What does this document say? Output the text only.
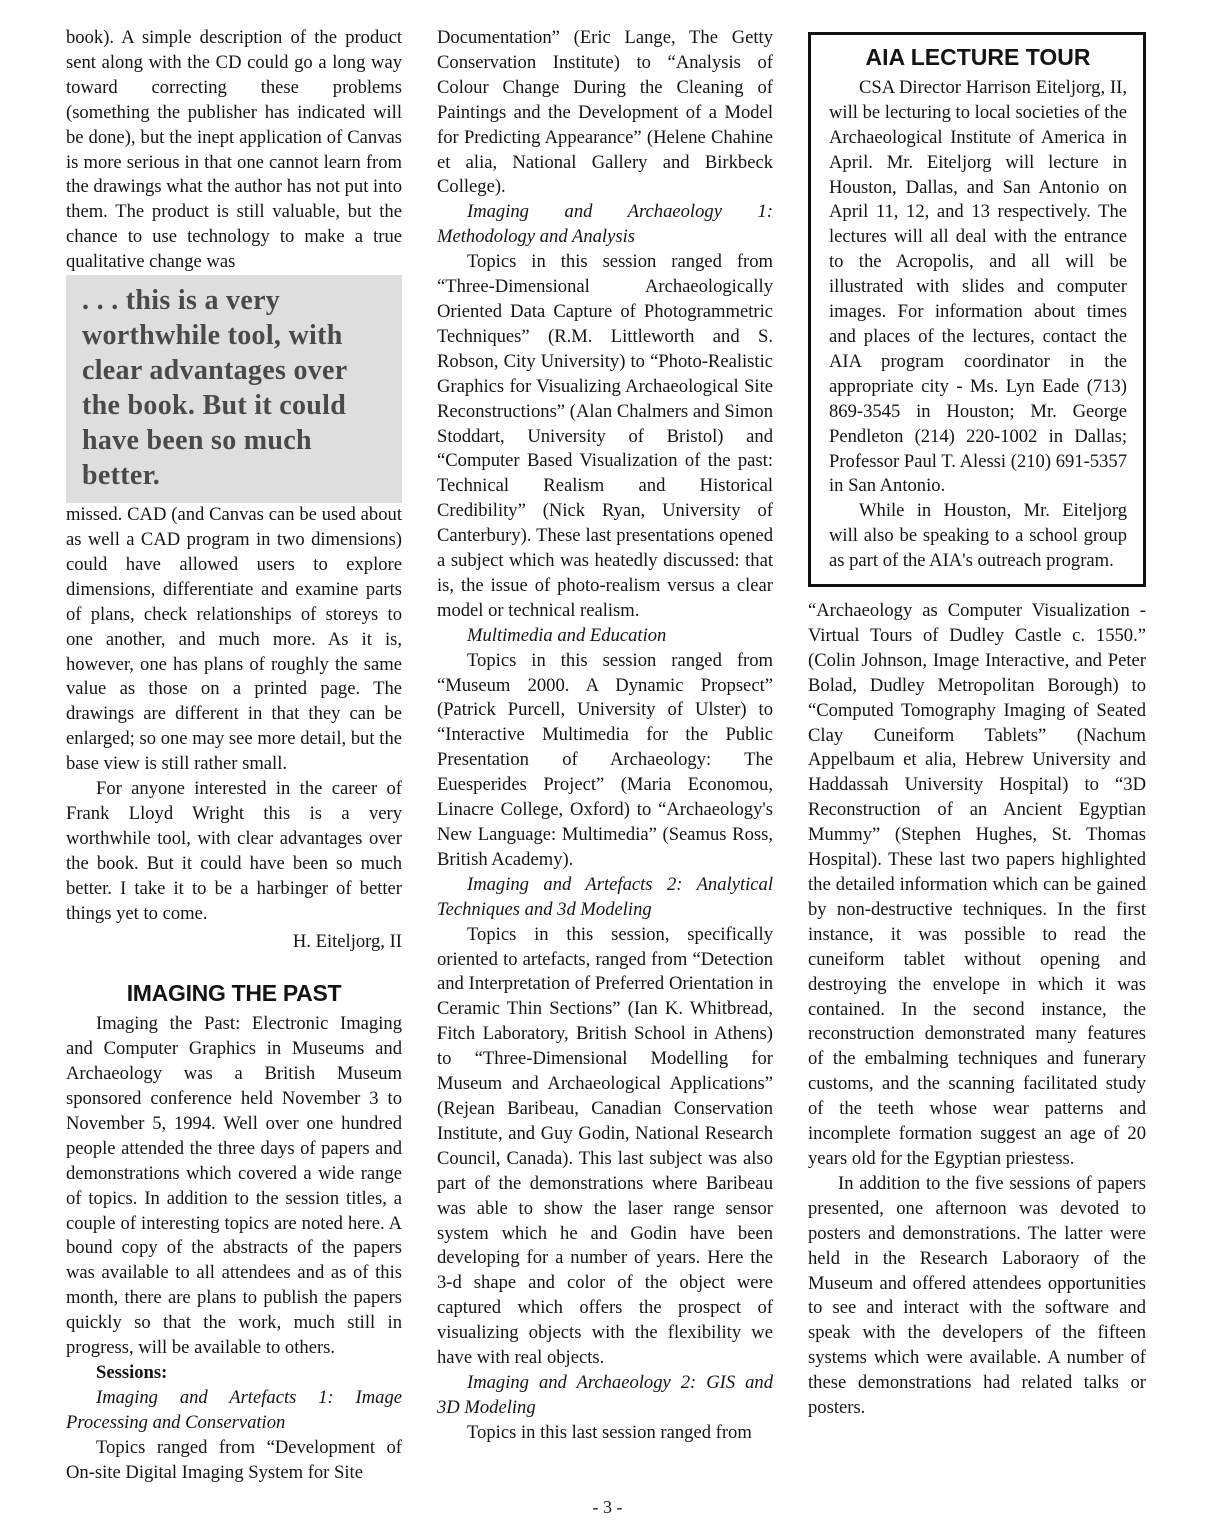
book). A simple description of the product sent along with the CD could go a long way toward correcting these problems (something the publisher has indicated will be done), but the inept application of Canvas is more serious in that one cannot learn from the drawings what the author has not put into them. The product is still valuable, but the chance to use technology to make a true qualitative change was

. . . this is a very worthwhile tool, with clear advantages over the book. But it could have been so much better.

missed. CAD (and Canvas can be used about as well a CAD program in two dimensions) could have allowed users to explore dimensions, differentiate and examine parts of plans, check relationships of storeys to one another, and much more. As it is, however, one has plans of roughly the same value as those on a printed page. The drawings are different in that they can be enlarged; so one may see more detail, but the base view is still rather small.

For anyone interested in the career of Frank Lloyd Wright this is a very worthwhile tool, with clear advantages over the book. But it could have been so much better. I take it to be a harbinger of better things yet to come.

H. Eiteljorg, II

IMAGING THE PAST

Imaging the Past: Electronic Imaging and Computer Graphics in Museums and Archaeology was a British Museum sponsored conference held November 3 to November 5, 1994. Well over one hundred people attended the three days of papers and demonstrations which covered a wide range of topics. In addition to the session titles, a couple of interesting topics are noted here. A bound copy of the abstracts of the papers was available to all attendees and as of this month, there are plans to publish the papers quickly so that the work, much still in progress, will be available to others.

Sessions:

Imaging and Artefacts 1: Image Processing and Conservation

Topics ranged from “Development of On-site Digital Imaging System for Site

Documentation” (Eric Lange, The Getty Conservation Institute) to “Analysis of Colour Change During the Cleaning of Paintings and the Development of a Model for Predicting Appearance” (Helene Chahine et alia, National Gallery and Birkbeck College).

Imaging and Archaeology 1: Methodology and Analysis

Topics in this session ranged from “Three-Dimensional Archaeologically Oriented Data Capture of Photogrammetric Techniques” (R.M. Littleworth and S. Robson, City University) to “Photo-Realistic Graphics for Visualizing Archaeological Site Reconstructions” (Alan Chalmers and Simon Stoddart, University of Bristol) and “Computer Based Visualization of the past: Technical Realism and Historical Credibility” (Nick Ryan, University of Canterbury). These last presentations opened a subject which was heatedly discussed: that is, the issue of photo-realism versus a clear model or technical realism.

Multimedia and Education

Topics in this session ranged from “Museum 2000. A Dynamic Propsect” (Patrick Purcell, University of Ulster) to “Interactive Multimedia for the Public Presentation of Archaeology: The Euesperides Project” (Maria Economou, Linacre College, Oxford) to “Archaeology's New Language: Multimedia” (Seamus Ross, British Academy).

Imaging and Artefacts 2: Analytical Techniques and 3d Modeling

Topics in this session, specifically oriented to artefacts, ranged from “Detection and Interpretation of Preferred Orientation in Ceramic Thin Sections” (Ian K. Whitbread, Fitch Laboratory, British School in Athens) to “Three-Dimensional Modelling for Museum and Archaeological Applications” (Rejean Baribeau, Canadian Conservation Institute, and Guy Godin, National Research Council, Canada). This last subject was also part of the demonstrations where Baribeau was able to show the laser range sensor system which he and Godin have been developing for a number of years. Here the 3-d shape and color of the object were captured which offers the prospect of visualizing objects with the flexibility we have with real objects.

Imaging and Archaeology 2: GIS and 3D Modeling

Topics in this last session ranged from

AIA LECTURE TOUR

CSA Director Harrison Eiteljorg, II, will be lecturing to local societies of the Archaeological Institute of America in April. Mr. Eiteljorg will lecture in Houston, Dallas, and San Antonio on April 11, 12, and 13 respectively. The lectures will all deal with the entrance to the Acropolis, and all will be illustrated with slides and computer images. For information about times and places of the lectures, contact the AIA program coordinator in the appropriate city - Ms. Lyn Eade (713) 869-3545 in Houston; Mr. George Pendleton (214) 220-1002 in Dallas; Professor Paul T. Alessi (210) 691-5357 in San Antonio.

While in Houston, Mr. Eiteljorg will also be speaking to a school group as part of the AIA's outreach program.

“Archaeology as Computer Visualization - Virtual Tours of Dudley Castle c. 1550.” (Colin Johnson, Image Interactive, and Peter Bolad, Dudley Metropolitan Borough) to “Computed Tomography Imaging of Seated Clay Cuneiform Tablets” (Nachum Appelbaum et alia, Hebrew University and Haddassah University Hospital) to “3D Reconstruction of an Ancient Egyptian Mummy” (Stephen Hughes, St. Thomas Hospital). These last two papers highlighted the detailed information which can be gained by non-destructive techniques. In the first instance, it was possible to read the cuneiform tablet without opening and destroying the envelope in which it was contained. In the second instance, the reconstruction demonstrated many features of the embalming techniques and funerary customs, and the scanning facilitated study of the teeth whose wear patterns and incomplete formation suggest an age of 20 years old for the Egyptian priestess.

In addition to the five sessions of papers presented, one afternoon was devoted to posters and demonstrations. The latter were held in the Research Laboraory of the Museum and offered attendees opportunities to see and interact with the software and speak with the developers of the fifteen systems which were available. A number of these demonstrations had related talks or posters.

- 3 -
